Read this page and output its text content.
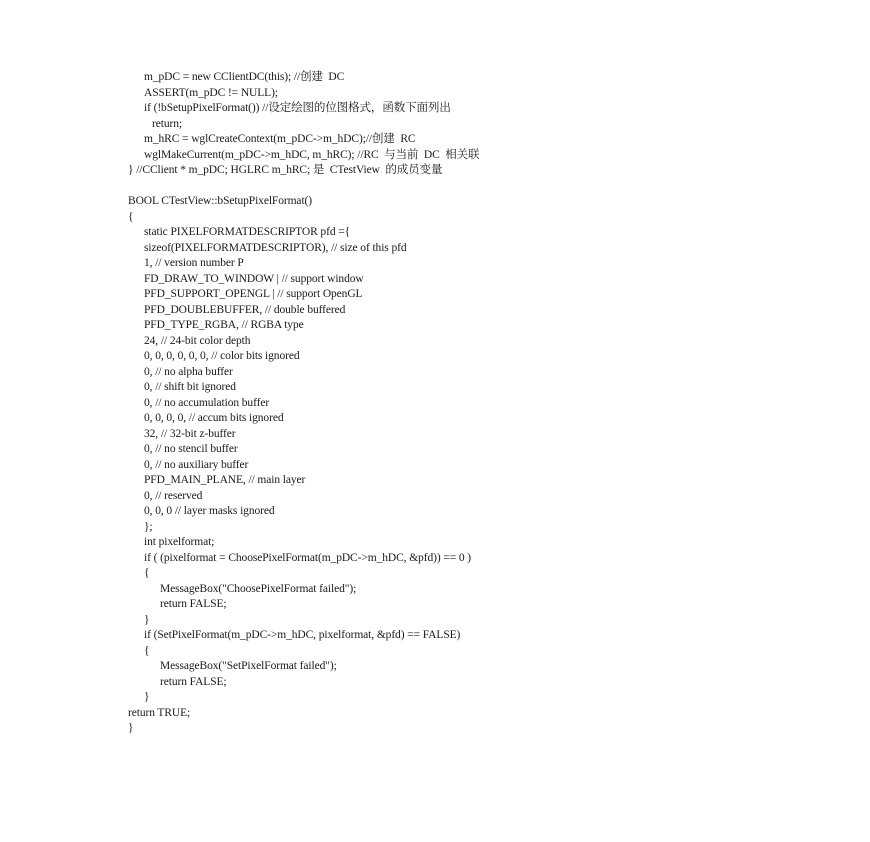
m_pDC = new CClientDC(this); //创建  DC
ASSERT(m_pDC != NULL);
if (!bSetupPixelFormat()) //设定绘图的位图格式，函数下面列出
return;
m_hRC = wglCreateContext(m_pDC->m_hDC);//创建  RC
wglMakeCurrent(m_pDC->m_hDC, m_hRC); //RC  与当前  DC  相关联
} //CClient * m_pDC; HGLRC m_hRC; 是  CTestView  的成员变量
BOOL CTestView::bSetupPixelFormat()
{
static PIXELFORMATDESCRIPTOR pfd ={
sizeof(PIXELFORMATDESCRIPTOR), // size of this pfd
1, // version number P
FD_DRAW_TO_WINDOW | // support window
PFD_SUPPORT_OPENGL | // support OpenGL
PFD_DOUBLEBUFFER, // double buffered
PFD_TYPE_RGBA, // RGBA type
24, // 24-bit color depth
0, 0, 0, 0, 0, 0, // color bits ignored
0, // no alpha buffer
0, // shift bit ignored
0, // no accumulation buffer
0, 0, 0, 0, // accum bits ignored
32, // 32-bit z-buffer
0, // no stencil buffer
0, // no auxiliary buffer
PFD_MAIN_PLANE, // main layer
0, // reserved
0, 0, 0 // layer masks ignored
};
int pixelformat;
if ( (pixelformat = ChoosePixelFormat(m_pDC->m_hDC, &pfd)) == 0 )
{
MessageBox("ChoosePixelFormat failed");
return FALSE;
}
if (SetPixelFormat(m_pDC->m_hDC, pixelformat, &pfd) == FALSE)
{
MessageBox("SetPixelFormat failed");
return FALSE;
}
return TRUE;
}
